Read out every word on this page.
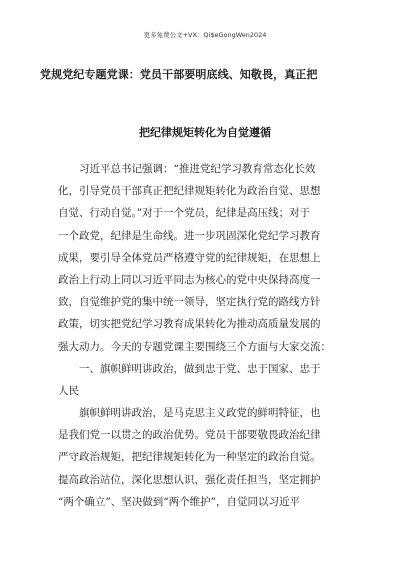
更多免费公文+VX：Qi$eGongWen2024
党规党纪专题党课：党员干部要明底线、知敬畏，真正把
把纪律规矩转化为自觉遵循
习近平总书记强调：“推进党纪学习教育常态化长效
化，引导党员干部真正把纪律规矩转化为政治自觉、思想
自觉、行动自觉。”对于一个党员，纪律是高压线；对于
一个政党，纪律是生命线。进一步巩固深化党纪学习教育
成果，要引导全体党员严格遵守党的纪律规矩，在思想上
政治上行动上同以习近平同志为核心的党中央保持高度一
致，自觉维护党的集中统一领导，坚定执行党的路线方针
政策，切实把党纪学习教育成果转化为推动高质量发展的
强大动力。今天的专题党课主要围绕三个方面与大家交流：
一、旗帜鲜明讲政治，做到忠于党、忠于国家、忠于
人民
旗帜鲜明讲政治，是马克思主义政党的鲜明特征，也
是我们党一以贯之的政治优势。党员干部要敬畏政治纪律
严守政治规矩，把纪律规矩转化为一种坚定的政治自觉。
提高政治站位，深化思想认识，强化责任担当，坚定拥护
“两个确立”、坚决做到“两个维护”，自觉同以习近平
